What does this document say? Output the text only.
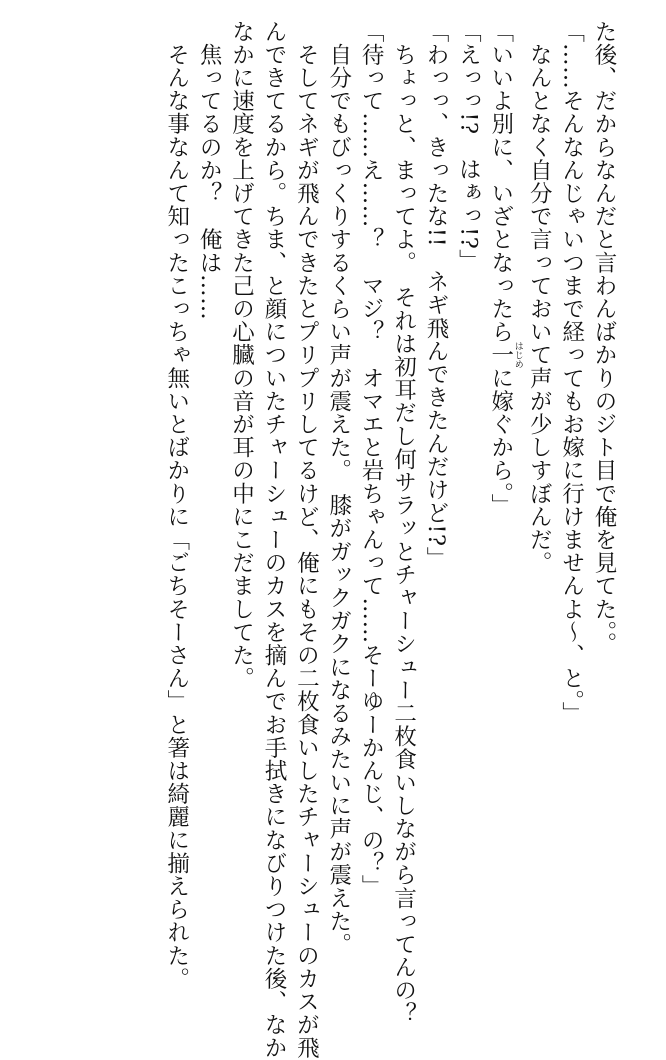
た後、だからなんだと言わんばかりのジト目で俺を見てた。。
「……そんなんじゃいつまで経ってもお嫁に行けませんよ～、と。」
　なんとなく自分で言っておいて声が少しすぼんだ。
「いいよ別に、いざとなったら一 はじめに嫁ぐから。」
「えっっ!?　はぁっ!?」
「わっっ、きったな!!　ネギ飛んできたんだけど!?」
　ちょっと、まってよ。　それは初耳だし何サラッとチャーシュー二枚食いしながら言ってんの？
「待って……え……？　マジ？　オマエと岩ちゃんって……そーゆーかんじ、の？」
　自分でもびっくりするくらい声が震えた。　膝がガックガクになるみたいに声が震えた。
　そしてネギが飛んできたとプリプリしてるけど、俺にもその二枚食いしたチャーシューのカスが飛
んできてるから。ちま、と顔についたチャーシューのカスを摘んでお手拭きになびりつけた後、なか
なかに速度を上げてきた己の心臓の音が耳の中にこだましてた。
　焦ってるのか？　俺は……
　そんな事なんて知ったこっちゃ無いとばかりに「ごちそーさん」と箸は綺麗に揃えられた。
